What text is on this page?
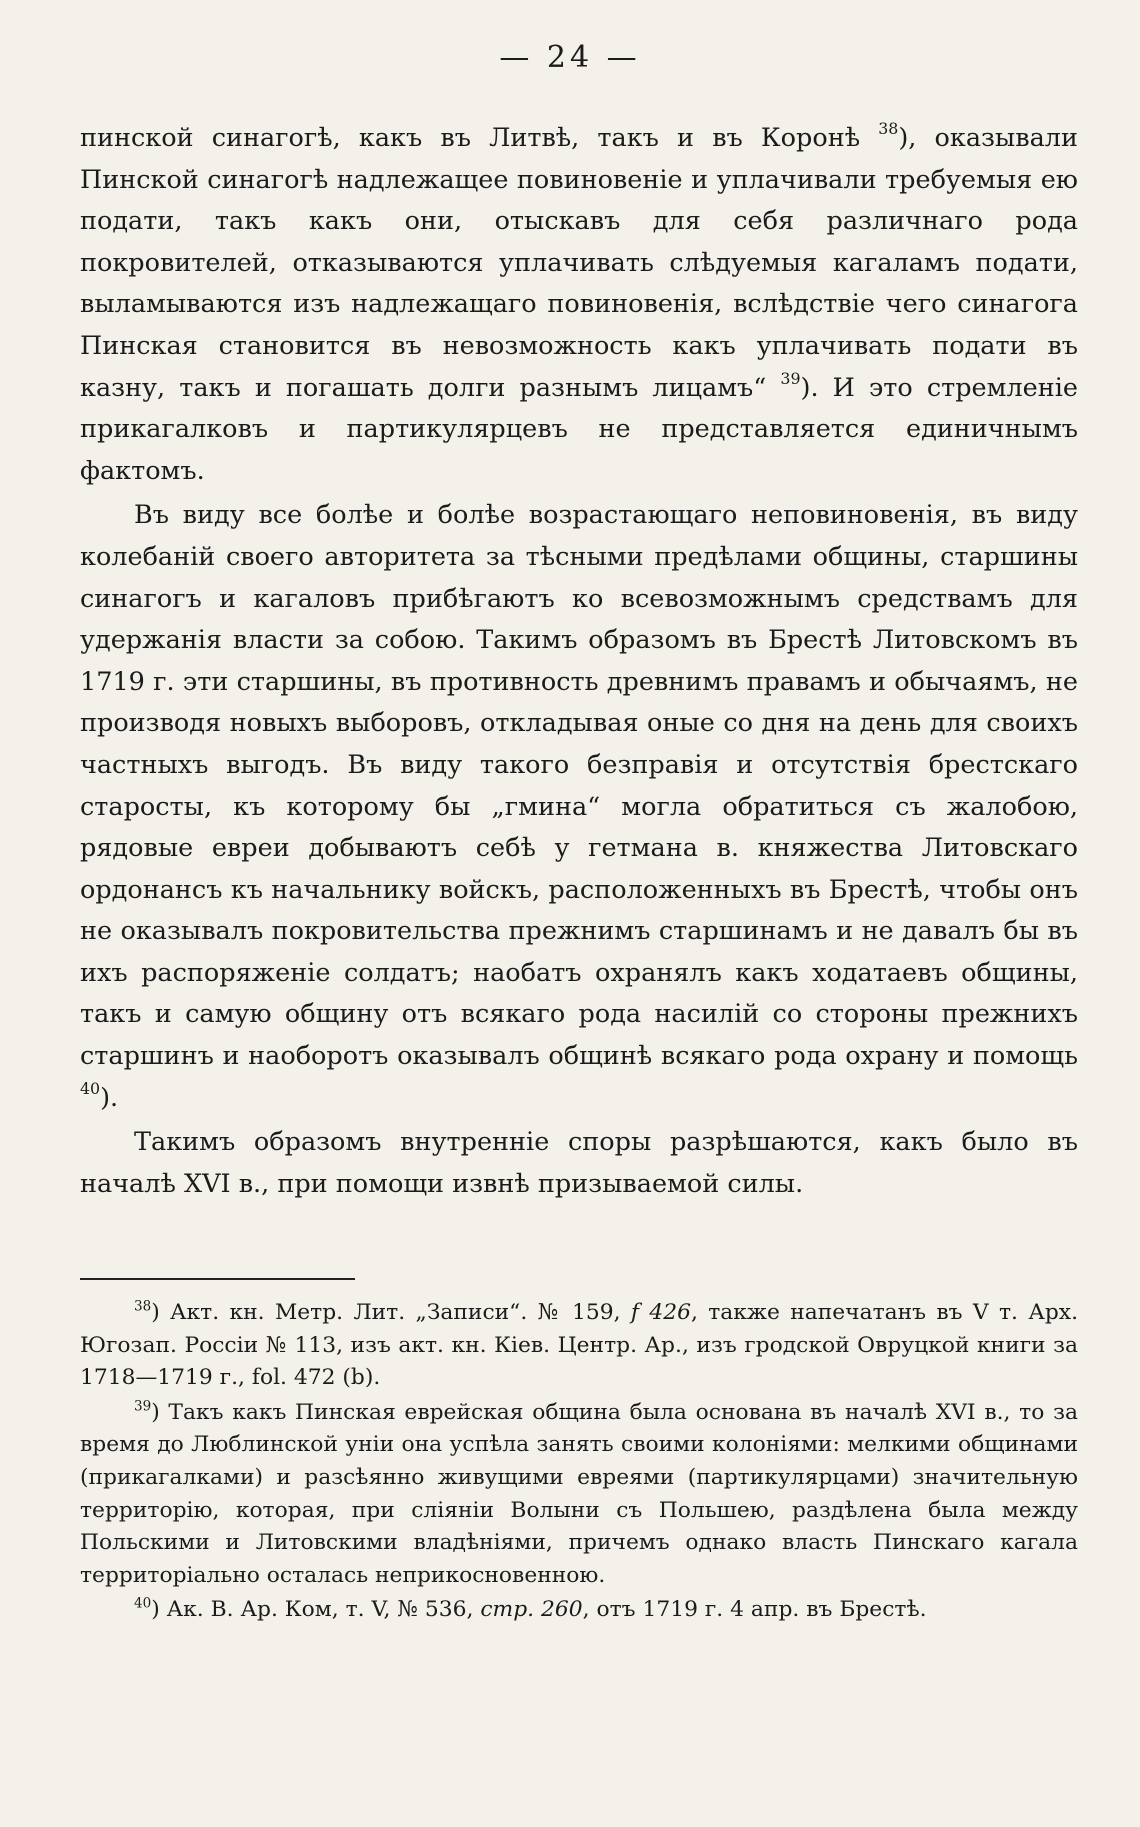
— 24 —

пинской синагогѣ, какъ въ Литвѣ, такъ и въ Коронѣ $^{38}$), оказывали Пинской синагогѣ надлежащее повиновеніе и уплачивали требуемыя ею подати, такъ какъ они, отыскавъ для себя различнаго рода покровителей, отказываются уплачивать слѣдуемыя кагаламъ подати, выламываются изъ надлежащаго повиновенія, вслѣдствіе чего синагога Пинская становится въ невозможность какъ уплачивать подати въ казну, такъ и погашать долги разнымъ лицамъ“ $^{39}$). И это стремленіе прикагалковъ и партикулярцевъ не представляется единичнымъ фактомъ.

Въ виду все болѣе и болѣе возрастающаго неповиновенія, въ виду колебаній своего авторитета за тѣсными предѣлами общины, старшины синагогъ и кагаловъ прибѣгаютъ ко всевозможнымъ средствамъ для удержанія власти за собою. Такимъ образомъ въ Брестѣ Литовскомъ въ 1719 г. эти старшины, въ противность древнимъ правамъ и обычаямъ, не производя новыхъ выборовъ, откладывая оные со дня на день для своихъ частныхъ выгодъ. Въ виду такого безправія и отсутствія брестскаго старосты, къ которому бы „гмина“ могла обратиться съ жалобою, рядовые евреи добываютъ себѣ у гетмана в. княжества Литовскаго ордонансъ къ начальнику войскъ, расположенныхъ въ Брестѣ, чтобы онъ не оказывалъ покровительства прежнимъ старшинамъ и не давалъ бы въ ихъ распоряженіе солдатъ; наобатъ охранялъ какъ ходатаевъ общины, такъ и самую общину отъ всякаго рода насилій со стороны прежнихъ старшинъ и наоборотъ оказывалъ общинѣ всякаго рода охрану и помощь $^{40}$).

Такимъ образомъ внутренніе споры разрѣшаются, какъ было въ началѣ XVI в., при помощи извнѣ призываемой силы.

$^{38}$) Акт. кн. Метр. Лит. „Записи“. № 159, f 426, также напечатанъ въ V т. Арх. Югозап. Россіи № 113, изъ акт. кн. Кіев. Центр. Ар., изъ гродской Овруцкой книги за 1718—1719 г., fol. 472 (b).

$^{39}$) Такъ какъ Пинская еврейская община была основана въ началѣ XVI в., то за время до Люблинской уніи она успѣла занять своими колоніями: мелкими общинами (прикагалками) и разсѣянно живущими евреями (партикулярцами) значительную территорію, которая, при сліяніи Волыни съ Польшею, раздѣлена была между Польскими и Литовскими владѣніями, причемъ однако власть Пинскаго кагала территоріально осталась неприкосновенною.

$^{40}$) Ак. В. Ар. Ком, т. V, № 536, стр. 260, отъ 1719 г. 4 апр. въ Брестѣ.
